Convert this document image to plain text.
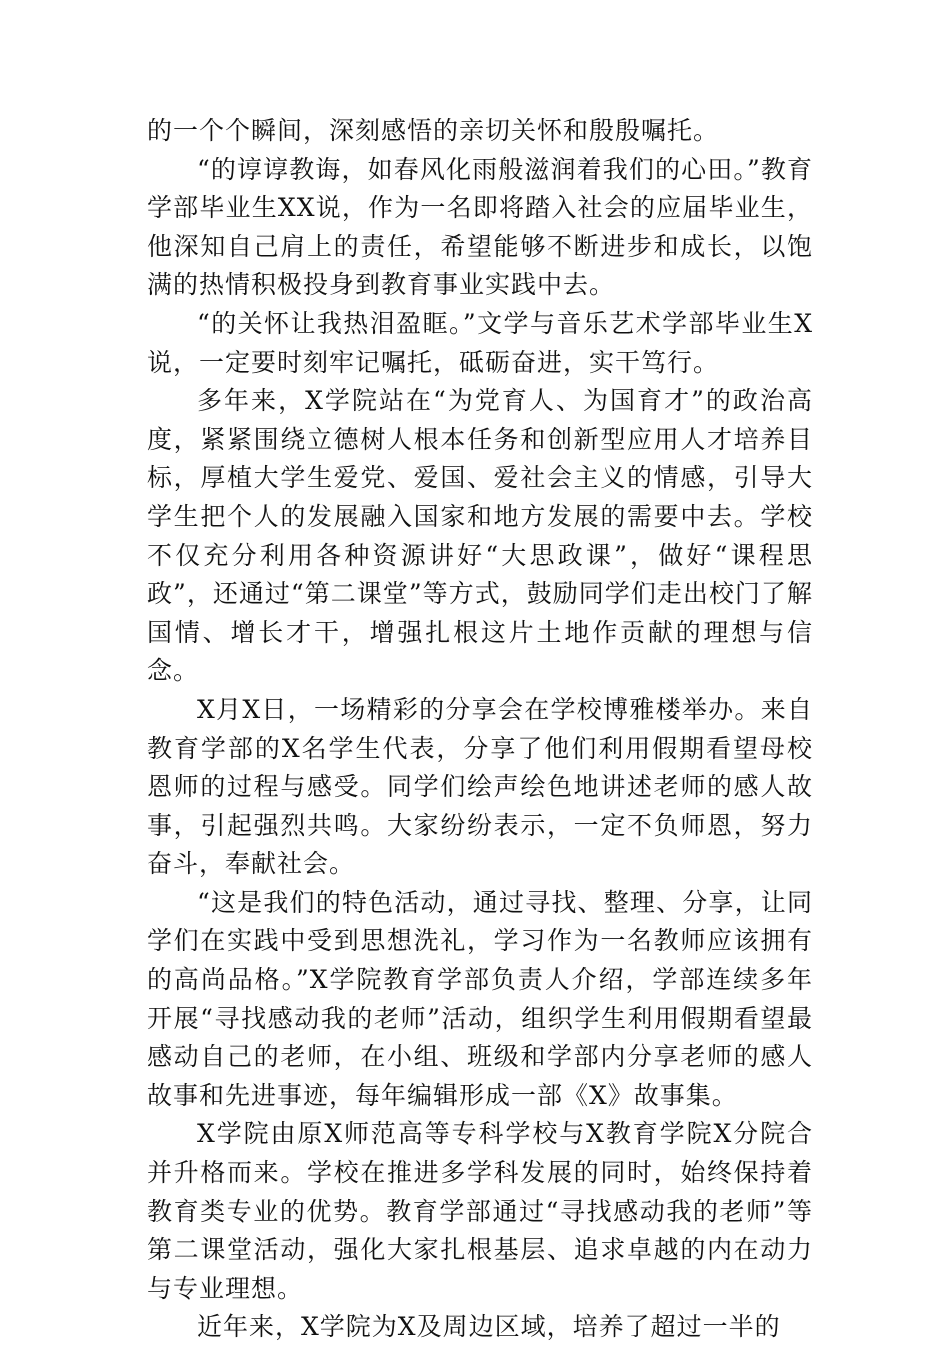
的一个个瞬间，深刻感悟的亲切关怀和殷殷嘱托。

“的谆谆教诲，如春风化雨般滋润着我们的心田。”教育学部毕业生XX说，作为一名即将踏入社会的应届毕业生，他深知自己肩上的责任，希望能够不断进步和成长，以饱满的热情积极投身到教育事业实践中去。

“的关怀让我热泪盈眶。”文学与音乐艺术学部毕业生X说，一定要时刻牢记嘱托，砥砺奋进，实干笃行。

多年来，X学院站在“为党育人、为国育才”的政治高度，紧紧围绕立德树人根本任务和创新型应用人才培养目标，厚植大学生爱党、爱国、爱社会主义的情感，引导大学生把个人的发展融入国家和地方发展的需要中去。学校不仅充分利用各种资源讲好“大思政课”，做好“课程思政”，还通过“第二课堂”等方式，鼓励同学们走出校门了解国情、增长才干，增强扎根这片土地作贡献的理想与信念。

X月X日，一场精彩的分享会在学校博雅楼举办。来自教育学部的X名学生代表，分享了他们利用假期看望母校恩师的过程与感受。同学们绘声绘色地讲述老师的感人故事，引起强烈共鸣。大家纷纷表示，一定不负师恩，努力奋斗，奉献社会。

“这是我们的特色活动，通过寻找、整理、分享，让同学们在实践中受到思想洗礼，学习作为一名教师应该拥有的高尚品格。”X学院教育学部负责人介绍，学部连续多年开展“寻找感动我的老师”活动，组织学生利用假期看望最感动自己的老师，在小组、班级和学部内分享老师的感人故事和先进事迹，每年编辑形成一部《X》故事集。

X学院由原X师范高等专科学校与X教育学院X分院合并升格而来。学校在推进多学科发展的同时，始终保持着教育类专业的优势。教育学部通过“寻找感动我的老师”等第二课堂活动，强化大家扎根基层、追求卓越的内在动力与专业理想。

近年来，X学院为X及周边区域，培养了超过一半的
